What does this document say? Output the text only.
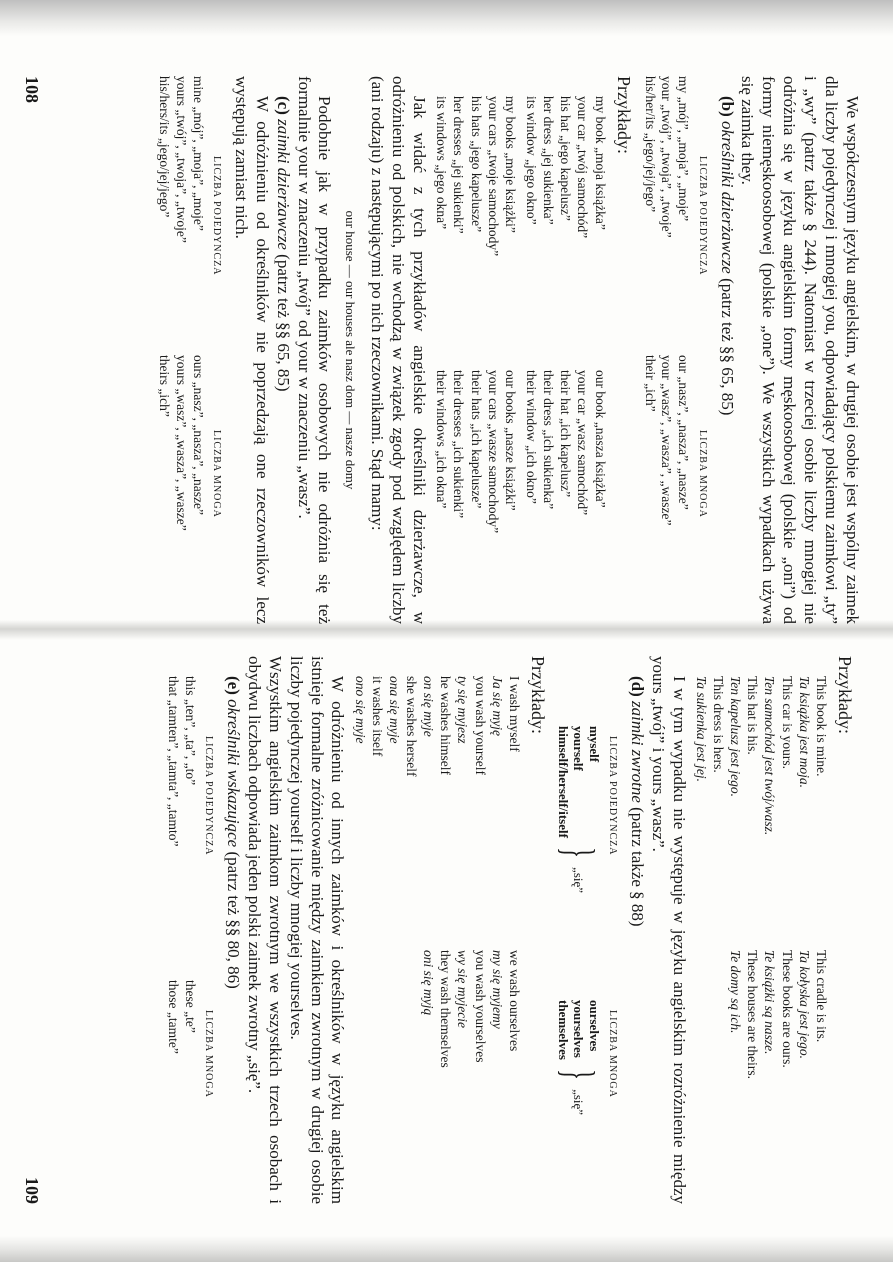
We współczesnym języku angielskim, w drugiej osobie jest wspólny zaimek dla liczby pojedynczej i mnogiej you, odpowiadający polskiemu zaimkowi „ty” i „wy” (patrz także § 244). Natomiast w trzeciej osobie liczby mnogiej nie odróżnia się w języku angielskim formy męskoosobowej (polskie „oni”) od formy niemęskoosobowej (polskie „one”). We wszystkich wypadkach używa się zaimka they.

(b) określniki dzierżawcze (patrz też §§ 65, 85)

LICZBA POJEDYNCZA
LICZBA MNOGA
my „mój”, „moja”, „moje”
your „twój”, „twoja”, „twoje”
his/her/its „jego/jej/jego”
our „nasz”, „nasza”, „nasze”
your „wasz”, „wasza”, „wasze”
their „ich”

Przykłady:

my book „moja książka”
your car „twój samochód”
his hat „jego kapelusz”
her dress „jej sukienka”
its window „jego okno”
our book „nasza książka”
your car „wasz samochód”
their hat „ich kapelusz”
their dress „ich sukienka”
their window „ich okno”
my books „moje książki”
your cars „twoje samochody”
his hats „jego kapelusze”
her dresses „jej sukienki”
its windows „jego okna”
our books „nasze książki”
your cars „wasze samochody”
their hats „ich kapelusze”
their dresses „ich sukienki”
their windows „ich okna”

Jak widać z tych przykładów angielskie określniki dzierżawcze, w odróżnieniu od polskich, nie wchodzą w związek zgody pod względem liczby (ani rodzaju) z następującymi po nich rzeczownikami. Stąd mamy:

our house — our houses ale nasz dom — nasze domy

Podobnie jak w przypadku zaimków osobowych nie odróżnia się też formalnie your w znaczeniu „twój” od your w znaczeniu „wasz”.

(c) zaimki dzierżawcze (patrz też §§ 65, 85)

W odróżnieniu od określników nie poprzedzają one rzeczowników lecz występują zamiast nich.

LICZBA POJEDYNCZA
LICZBA MNOGA
mine „mój”, „moja”, „moje”
yours „twój”, „twoja”, „twoje”
his/hers/its „jego/jej/jego”
ours „nasz”, „nasza”, „nasze”
yours „wasz”, „wasza”, „wasze”
theirs „ich”
108

Przykłady:

This book is mine.
Ta książka jest moja.
This car is yours.
Ten samochód jest twój/wasz.
This hat is his.
Ten kapelusz jest jego.
This dress is hers.
Ta sukienka jest jej.
This cradle is its.
Ta kołyska jest jego.
These books are ours.
Te książki są nasze.
These houses are theirs.
Te domy są ich.

I w tym wypadku nie występuje w języku angielskim rozróżnienie między yours „twój” i yours „wasz”.

(d) zaimki zwrotne (patrz także § 88)

LICZBA POJEDYNCZA
LICZBA MNOGA
myself
yourself
himself/herself/itself
}
„się”
ourselves
yourselves
themselves
}
„się”

Przykłady:

I wash myself
Ja się myję
you wash yourself
ty się myjesz
he washes himself
on się myje
she washes herself
ona się myje
it washes itself
ono się myje
we wash ourselves
my się myjemy
you wash yourselves
wy się myjecie
they wash themselves
oni się myją

W odróżnieniu od innych zaimków i określników w języku angielskim istnieje formalne zróżnicowanie między zaimkiem zwrotnym w drugiej osobie liczby pojedynczej yourself i liczby mnogiej yourselves.

Wszystkim angielskim zaimkom zwrotnym we wszystkich trzech osobach i obydwu liczbach odpowiada jeden polski zaimek zwrotny „się”.

(e) określniki wskazujące (patrz też §§ 80, 86)

LICZBA POJEDYNCZA
LICZBA MNOGA
this „ten”, „ta”, „to”
that „tamten”, „tamta”, „tamto”
these „te”
those „tamte”
109
